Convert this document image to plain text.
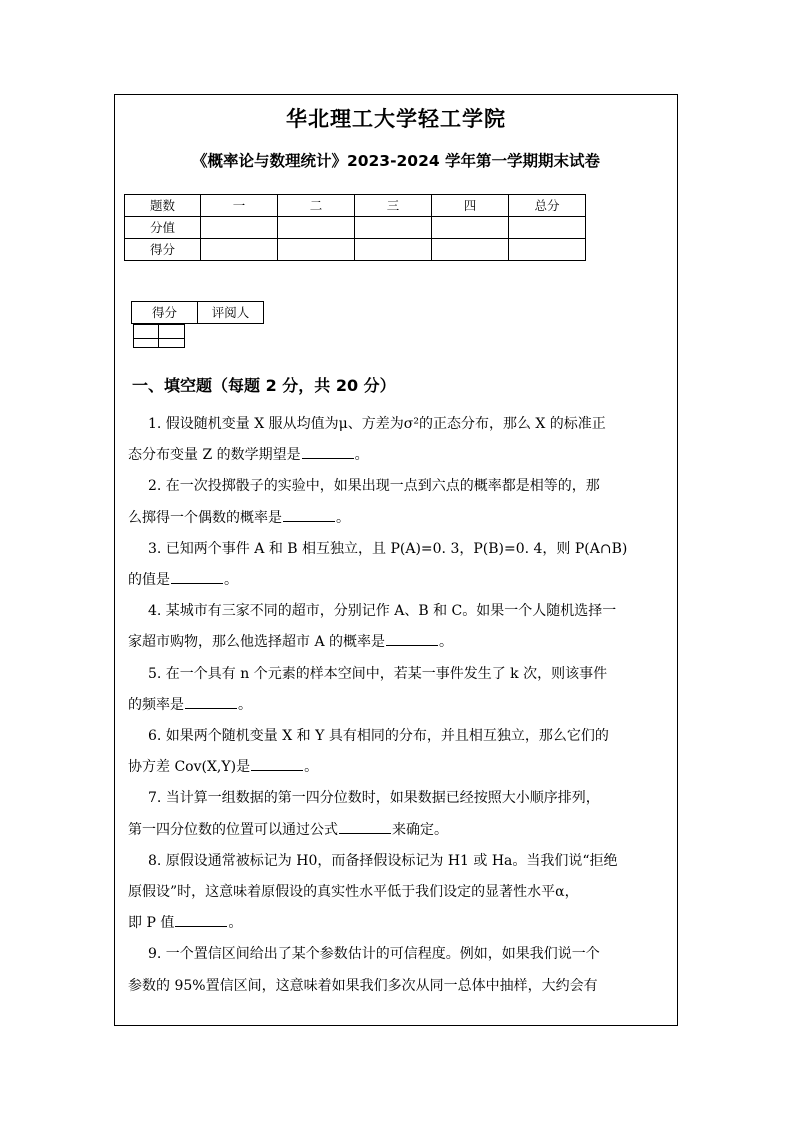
华北理工大学轻工学院
《概率论与数理统计》2023-2024 学年第一学期期末试卷
题数	一	二	三	四	总分
分值					
得分					
得分	评阅人

一、填空题（每题 2 分，共 20 分）
1. 假设随机变量 X 服从均值为μ、方差为σ²的正态分布，那么 X 的标准正
态分布变量 Z 的数学期望是	。
2. 在一次投掷骰子的实验中，如果出现一点到六点的概率都是相等的，那
么掷得一个偶数的概率是	。
3. 已知两个事件 A 和 B 相互独立，且 P(A)=0. 3，P(B)=0. 4，则 P(A∩B)
的值是	。
4. 某城市有三家不同的超市，分别记作 A、B 和 C。如果一个人随机选择一
家超市购物，那么他选择超市 A 的概率是	。
5. 在一个具有 n 个元素的样本空间中，若某一事件发生了 k 次，则该事件
的频率是	。
6. 如果两个随机变量 X 和 Y 具有相同的分布，并且相互独立，那么它们的
协方差 Cov(X,Y)是	。
7. 当计算一组数据的第一四分位数时，如果数据已经按照大小顺序排列，
第一四分位数的位置可以通过公式	来确定。
8. 原假设通常被标记为 H0，而备择假设标记为 H1 或 Ha。当我们说“拒绝
原假设”时，这意味着原假设的真实性水平低于我们设定的显著性水平α，
即 P 值	。
9. 一个置信区间给出了某个参数估计的可信程度。例如，如果我们说一个
参数的 95%置信区间，这意味着如果我们多次从同一总体中抽样，大约会有
